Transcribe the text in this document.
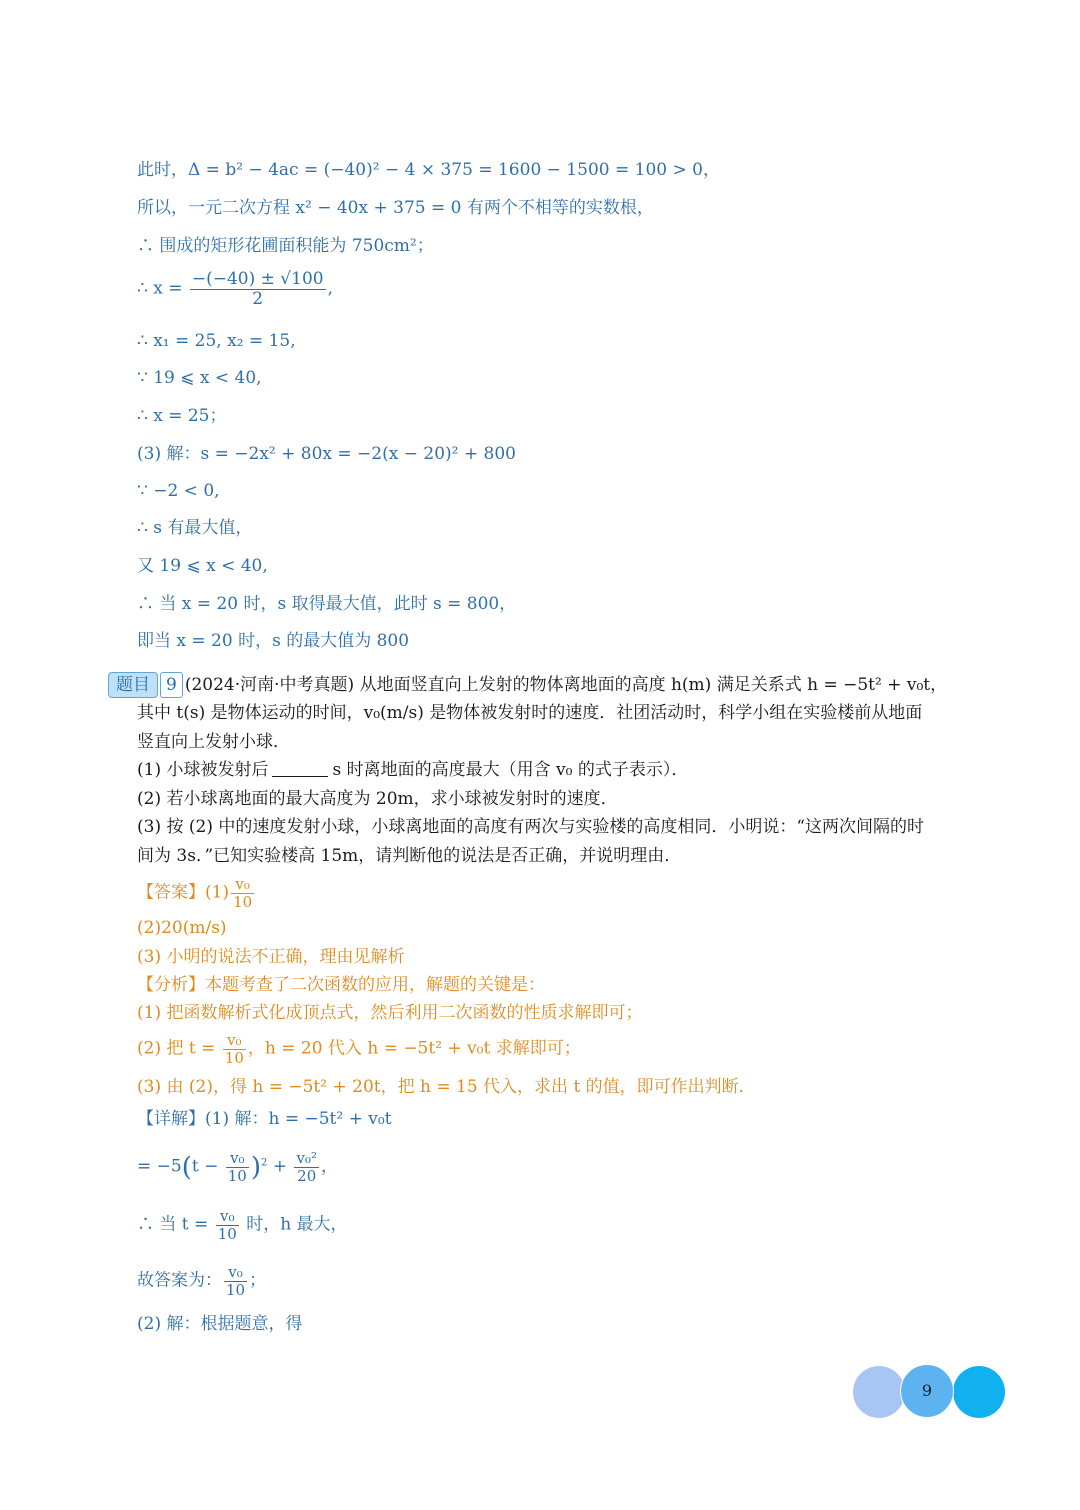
此时，Δ = b² − 4ac = (−40)² − 4 × 375 = 1600 − 1500 = 100 > 0，
所以，一元二次方程 x² − 40x + 375 = 0 有两个不相等的实数根，
∴ 围成的矩形花圃面积能为 750cm²；
∴ $x = \frac{-(-40) \pm √100}{2}$ ,
∴ x₁ = 25, x₂ = 15,
∵ 19 ⩽ x < 40,
∴ x = 25；
(3) 解：s = −2x² + 80x = −2(x − 20)² + 800
∵ −2 < 0,
∴ s 有最大值，
又 19 ⩽ x < 40,
∴ 当 x = 20 时，s 取得最大值，此时 s = 800，
即当 x = 20 时，s 的最大值为 800
题目 9 (2024·河南·中考真题) 从地面竖直向上发射的物体离地面的高度 h(m) 满足关系式 h = −5t² + v₀t，
其中 t(s) 是物体运动的时间，v₀(m/s) 是物体被发射时的速度．社团活动时，科学小组在实验楼前从地面
竖直向上发射小球．
(1) 小球被发射后	s 时离地面的高度最大（用含 v₀ 的式子表示）．
(2) 若小球离地面的最大高度为 20m，求小球被发射时的速度．
(3) 按 (2) 中的速度发射小球，小球离地面的高度有两次与实验楼的高度相同．小明说：“这两次间隔的时
间为 3s．”已知实验楼高 15m，请判断他的说法是否正确，并说明理由．
【答案】$(1) \frac{\text{v₀}}{10}$
(2)20(m/s)
(3) 小明的说法不正确，理由见解析
【分析】本题考查了二次函数的应用，解题的关键是：
(1) 把函数解析式化成顶点式，然后利用二次函数的性质求解即可；
(2) 把 $t = \frac{\text{v₀}}{10}$ ，h = 20 代入 h = −5t² + v₀t 求解即可；
(3) 由 (2)，得 h = −5t² + 20t，把 h = 15 代入，求出 t 的值，即可作出判断．
【详解】(1) 解：h = −5t² + v₀t
= $-5(t - \frac{\text{v₀}}{10} )^2 + \frac{\text{v₀²}}{20}$ ，
∴ 当 $t = \frac{\text{v₀}}{10}$ 时，h 最大，
故答案为： $\frac{\text{v₀}}{10}$ ；
(2) 解：根据题意，得
9
